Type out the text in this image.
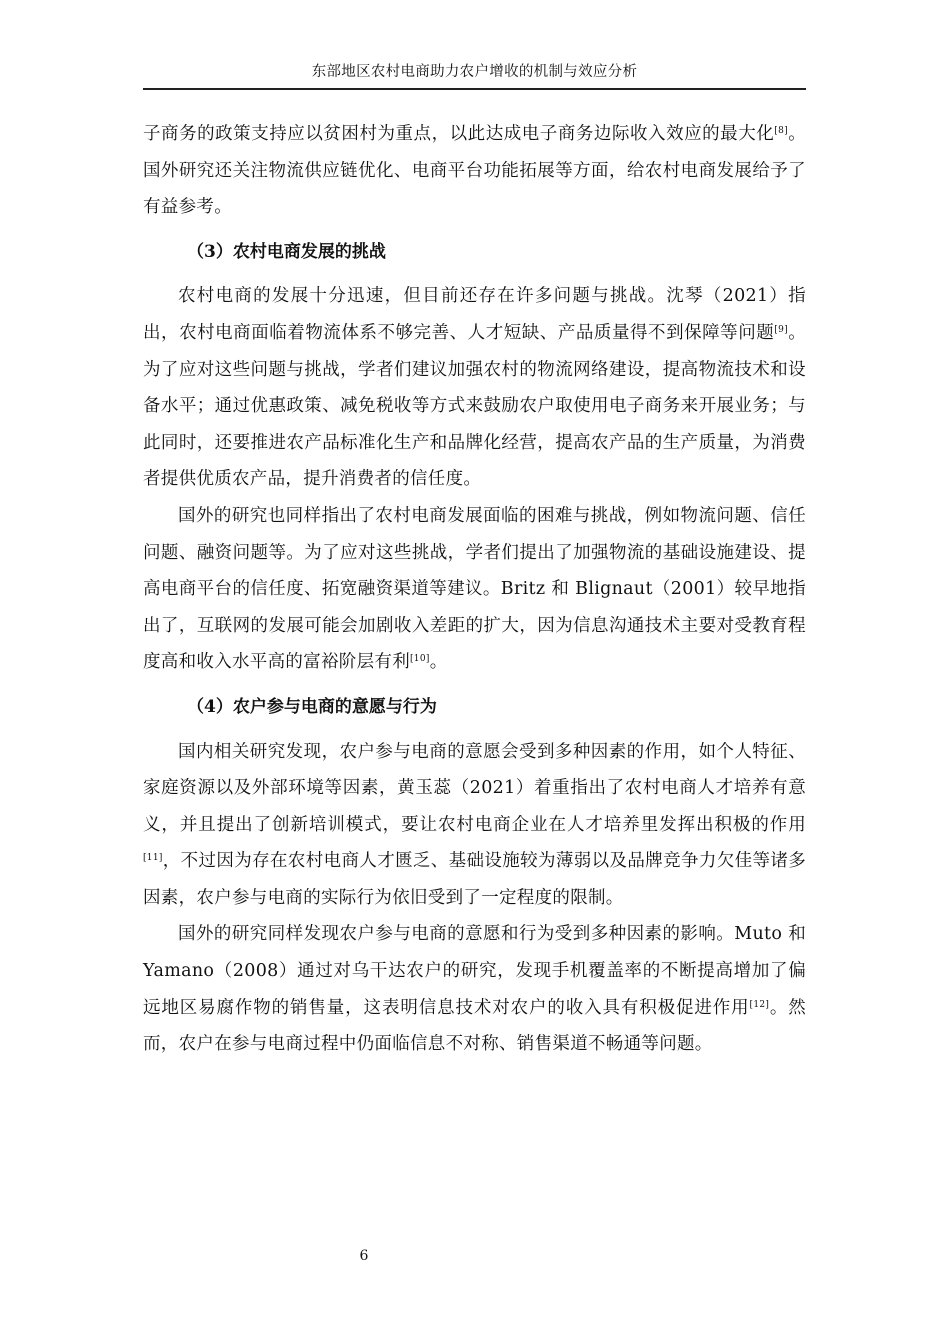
东部地区农村电商助力农户增收的机制与效应分析

子商务的政策支持应以贫困村为重点，以此达成电子商务边际收入效应的最大化[8]。国外研究还关注物流供应链优化、电商平台功能拓展等方面，给农村电商发展给予了有益参考。

（3）农村电商发展的挑战

农村电商的发展十分迅速，但目前还存在许多问题与挑战。沈琴（2021）指出，农村电商面临着物流体系不够完善、人才短缺、产品质量得不到保障等问题[9]。为了应对这些问题与挑战，学者们建议加强农村的物流网络建设，提高物流技术和设备水平；通过优惠政策、减免税收等方式来鼓励农户取使用电子商务来开展业务；与此同时，还要推进农产品标准化生产和品牌化经营，提高农产品的生产质量，为消费者提供优质农产品，提升消费者的信任度。

国外的研究也同样指出了农村电商发展面临的困难与挑战，例如物流问题、信任问题、融资问题等。为了应对这些挑战，学者们提出了加强物流的基础设施建设、提高电商平台的信任度、拓宽融资渠道等建议。Britz 和 Blignaut（2001）较早地指出了，互联网的发展可能会加剧收入差距的扩大，因为信息沟通技术主要对受教育程度高和收入水平高的富裕阶层有利[10]。

（4）农户参与电商的意愿与行为

国内相关研究发现，农户参与电商的意愿会受到多种因素的作用，如个人特征、家庭资源以及外部环境等因素，黄玉蕊（2021）着重指出了农村电商人才培养有意义，并且提出了创新培训模式，要让农村电商企业在人才培养里发挥出积极的作用[11]，不过因为存在农村电商人才匮乏、基础设施较为薄弱以及品牌竞争力欠佳等诸多因素，农户参与电商的实际行为依旧受到了一定程度的限制。

国外的研究同样发现农户参与电商的意愿和行为受到多种因素的影响。Muto 和 Yamano（2008）通过对乌干达农户的研究，发现手机覆盖率的不断提高增加了偏远地区易腐作物的销售量，这表明信息技术对农户的收入具有积极促进作用[12]。然而，农户在参与电商过程中仍面临信息不对称、销售渠道不畅通等问题。

6
